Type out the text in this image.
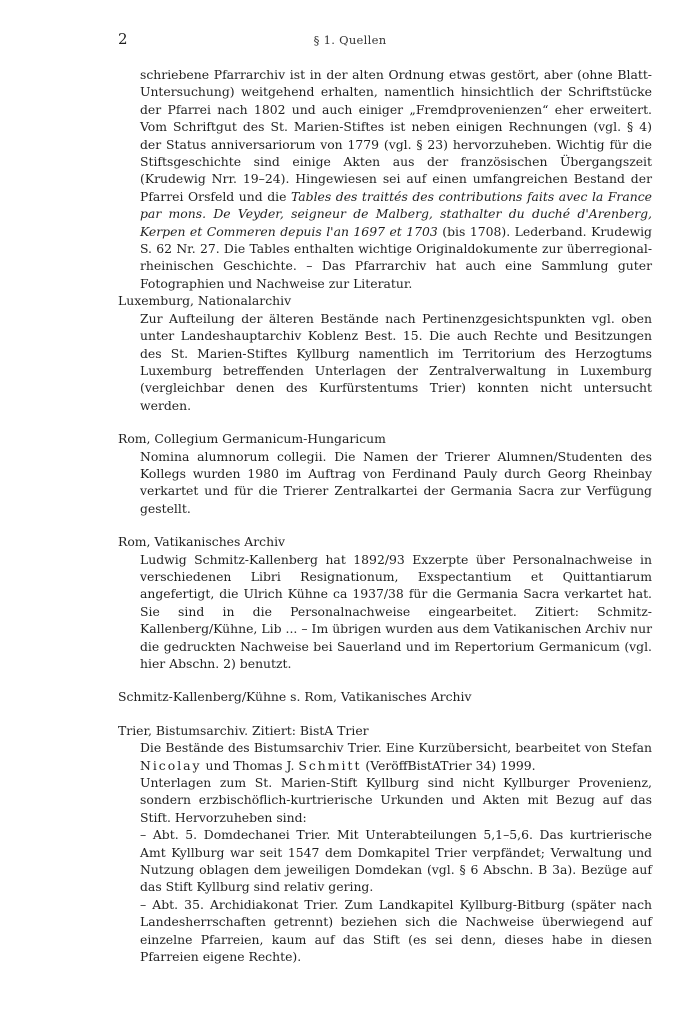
2	§ 1. Quellen

schriebene Pfarrarchiv ist in der alten Ordnung etwas gestört, aber (ohne Blatt-Untersuchung) weitgehend erhalten, namentlich hinsichtlich der Schriftstücke der Pfarrei nach 1802 und auch einiger „Fremdprovenienzen“ eher erweitert. Vom Schriftgut des St. Marien-Stiftes ist neben einigen Rechnungen (vgl. § 4) der Status anniversariorum von 1779 (vgl. § 23) hervorzuheben. Wichtig für die Stiftsgeschichte sind einige Akten aus der französischen Übergangszeit (Krudewig Nrr. 19–24). Hingewiesen sei auf einen umfangreichen Bestand der Pfarrei Orsfeld und die Tables des traittés des contributions faits avec la France par mons. De Veyder, seigneur de Malberg, stathalter du duché d'Arenberg, Kerpen et Commeren depuis l'an 1697 et 1703 (bis 1708). Lederband. Krudewig S. 62 Nr. 27. Die Tables enthalten wichtige Originaldokumente zur überregional-rheinischen Geschichte. – Das Pfarrarchiv hat auch eine Sammlung guter Fotographien und Nachweise zur Literatur.

Luxemburg, Nationalarchiv

Zur Aufteilung der älteren Bestände nach Pertinenzgesichtspunkten vgl. oben unter Landeshauptarchiv Koblenz Best. 15. Die auch Rechte und Besitzungen des St. Marien-Stiftes Kyllburg namentlich im Territorium des Herzogtums Luxemburg betreffenden Unterlagen der Zentralverwaltung in Luxemburg (vergleichbar denen des Kurfürstentums Trier) konnten nicht untersucht werden.

Rom, Collegium Germanicum-Hungaricum

Nomina alumnorum collegii. Die Namen der Trierer Alumnen/Studenten des Kollegs wurden 1980 im Auftrag von Ferdinand Pauly durch Georg Rheinbay verkartet und für die Trierer Zentralkartei der Germania Sacra zur Verfügung gestellt.

Rom, Vatikanisches Archiv

Ludwig Schmitz-Kallenberg hat 1892/93 Exzerpte über Personalnachweise in verschiedenen Libri Resignationum, Exspectantium et Quittantiarum angefertigt, die Ulrich Kühne ca 1937/38 für die Germania Sacra verkartet hat. Sie sind in die Personalnachweise eingearbeitet. Zitiert: Schmitz-Kallenberg/Kühne, Lib ... – Im übrigen wurden aus dem Vatikanischen Archiv nur die gedruckten Nachweise bei Sauerland und im Repertorium Germanicum (vgl. hier Abschn. 2) benutzt.

Schmitz-Kallenberg/Kühne s. Rom, Vatikanisches Archiv

Trier, Bistumsarchiv. Zitiert: BistA Trier

Die Bestände des Bistumsarchiv Trier. Eine Kurzübersicht, bearbeitet von Stefan Nicolay und Thomas J. Schmitt (VeröffBistATrier 34) 1999.

Unterlagen zum St. Marien-Stift Kyllburg sind nicht Kyllburger Provenienz, sondern erzbischöflich-kurtrierische Urkunden und Akten mit Bezug auf das Stift. Hervorzuheben sind:

– Abt. 5. Domdechanei Trier. Mit Unterabteilungen 5,1–5,6. Das kurtrierische Amt Kyllburg war seit 1547 dem Domkapitel Trier verpfändet; Verwaltung und Nutzung oblagen dem jeweiligen Domdekan (vgl. § 6 Abschn. B 3a). Bezüge auf das Stift Kyllburg sind relativ gering.

– Abt. 35. Archidiakonat Trier. Zum Landkapitel Kyllburg-Bitburg (später nach Landesherrschaften getrennt) beziehen sich die Nachweise überwiegend auf einzelne Pfarreien, kaum auf das Stift (es sei denn, dieses habe in diesen Pfarreien eigene Rechte).
